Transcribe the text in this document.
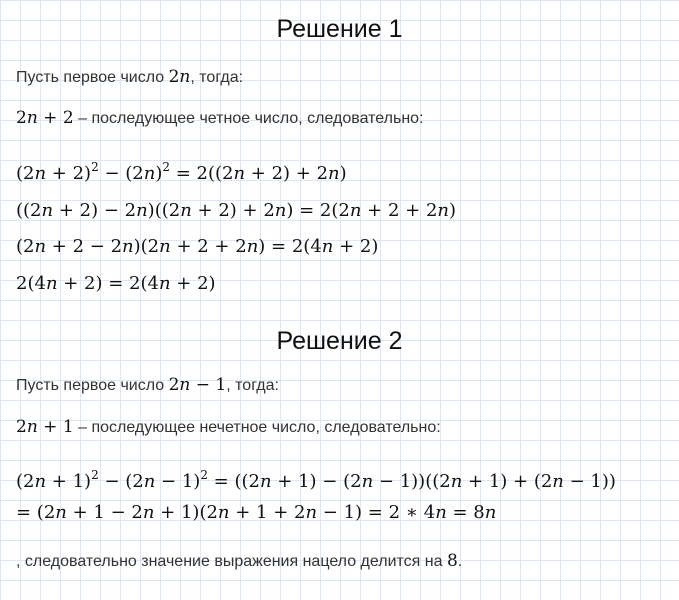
Решение 1
Пусть первое число 2n, тогда:
2n + 2 – последующее четное число, следовательно:
$(2n + 2)^2 - (2n)^2 = 2((2n + 2) + 2n)$
((2n + 2) − 2n)((2n + 2) + 2n) = 2(2n + 2 + 2n)
(2n + 2 − 2n)(2n + 2 + 2n) = 2(4n + 2)
2(4n + 2) = 2(4n + 2)
Решение 2
Пусть первое число 2n − 1, тогда:
2n + 1 – последующее нечетное число, следовательно:
$(2n + 1)^2 - (2n - 1)^2 = ((2n + 1) - (2n - 1))((2n + 1) + (2n - 1))$
= (2n + 1 − 2n + 1)(2n + 1 + 2n − 1) = 2 ∗ 4n = 8n
, следовательно значение выражения нацело делится на 8.
